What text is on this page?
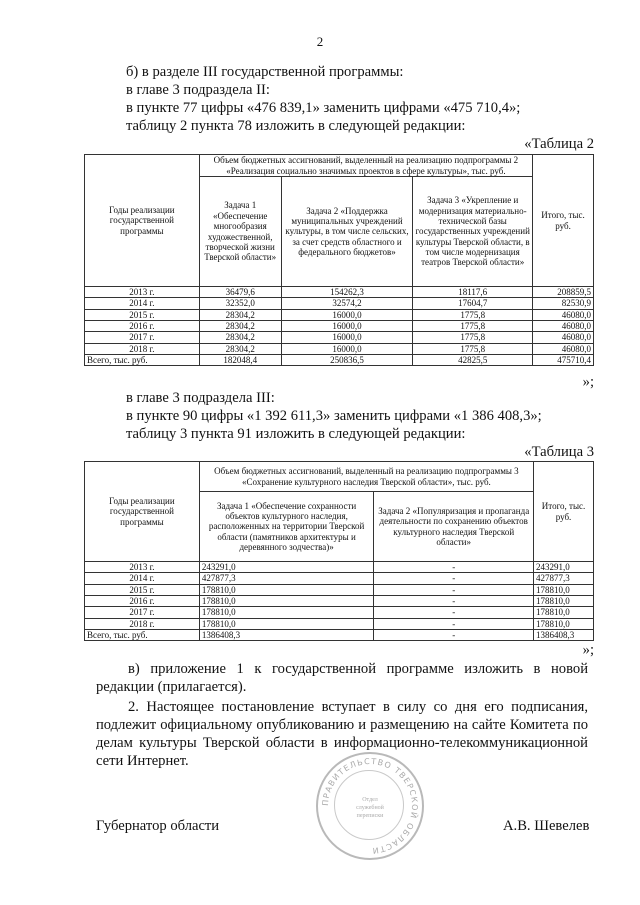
2
б) в разделе III государственной программы:
в главе 3 подраздела II:
в пункте 77 цифры «476 839,1» заменить цифрами «475 710,4»;
таблицу 2 пункта 78 изложить в следующей редакции:
«Таблица 2
Годы реализации государственной программы	Объем бюджетных ассигнований, выделенный на реализацию подпрограммы 2 «Реализация социально значимых проектов в сфере культуры», тыс. руб.			Итого, тыс. руб.
	Задача 1 «Обеспечение многообразия художественной, творческой жизни Тверской области»	Задача 2 «Поддержка муниципальных учреждений культуры, в том числе сельских, за счет средств областного и федерального бюджетов»	Задача 3 «Укрепление и модернизация материально-технической базы государственных учреждений культуры Тверской области, в том числе модернизация театров Тверской области»	
2013 г.	36479,6	154262,3	18117,6	208859,5
2014 г.	32352,0	32574,2	17604,7	82530,9
2015 г.	28304,2	16000,0	1775,8	46080,0
2016 г.	28304,2	16000,0	1775,8	46080,0
2017 г.	28304,2	16000,0	1775,8	46080,0
2018 г.	28304,2	16000,0	1775,8	46080,0
Всего, тыс. руб.	182048,4	250836,5	42825,5	475710,4
»;
в главе 3 подраздела III:
в пункте 90 цифры «1 392 611,3» заменить цифрами «1 386 408,3»;
таблицу 3 пункта 91 изложить в следующей редакции:
«Таблица 3
Годы реализации государственной программы	Объем бюджетных ассигнований, выделенный на реализацию подпрограммы 3 «Сохранение культурного наследия Тверской области», тыс. руб.		Итого, тыс. руб.
	Задача 1 «Обеспечение сохранности объектов культурного наследия, расположенных на территории Тверской области (памятников архитектуры и деревянного зодчества)»	Задача 2 «Популяризация и пропаганда деятельности по сохранению объектов культурного наследия Тверской области»	
2013 г.	243291,0	-	243291,0
2014 г.	427877,3	-	427877,3
2015 г.	178810,0	-	178810,0
2016 г.	178810,0	-	178810,0
2017 г.	178810,0	-	178810,0
2018 г.	178810,0	-	178810,0
Всего, тыс. руб.	1386408,3	-	1386408,3
»;
в) приложение 1 к государственной программе изложить в новой редакции (прилагается).
2. Настоящее постановление вступает в силу со дня его подписания, подлежит официальному опубликованию и размещению на сайте Комитета по делам культуры Тверской области в информационно-телекоммуникационной сети Интернет.
ПРАВИТЕЛЬСТВО ТВЕРСКОЙ ОБЛАСТИ
Отдел служебной переписки
Губернатор области	А.В. Шевелев
